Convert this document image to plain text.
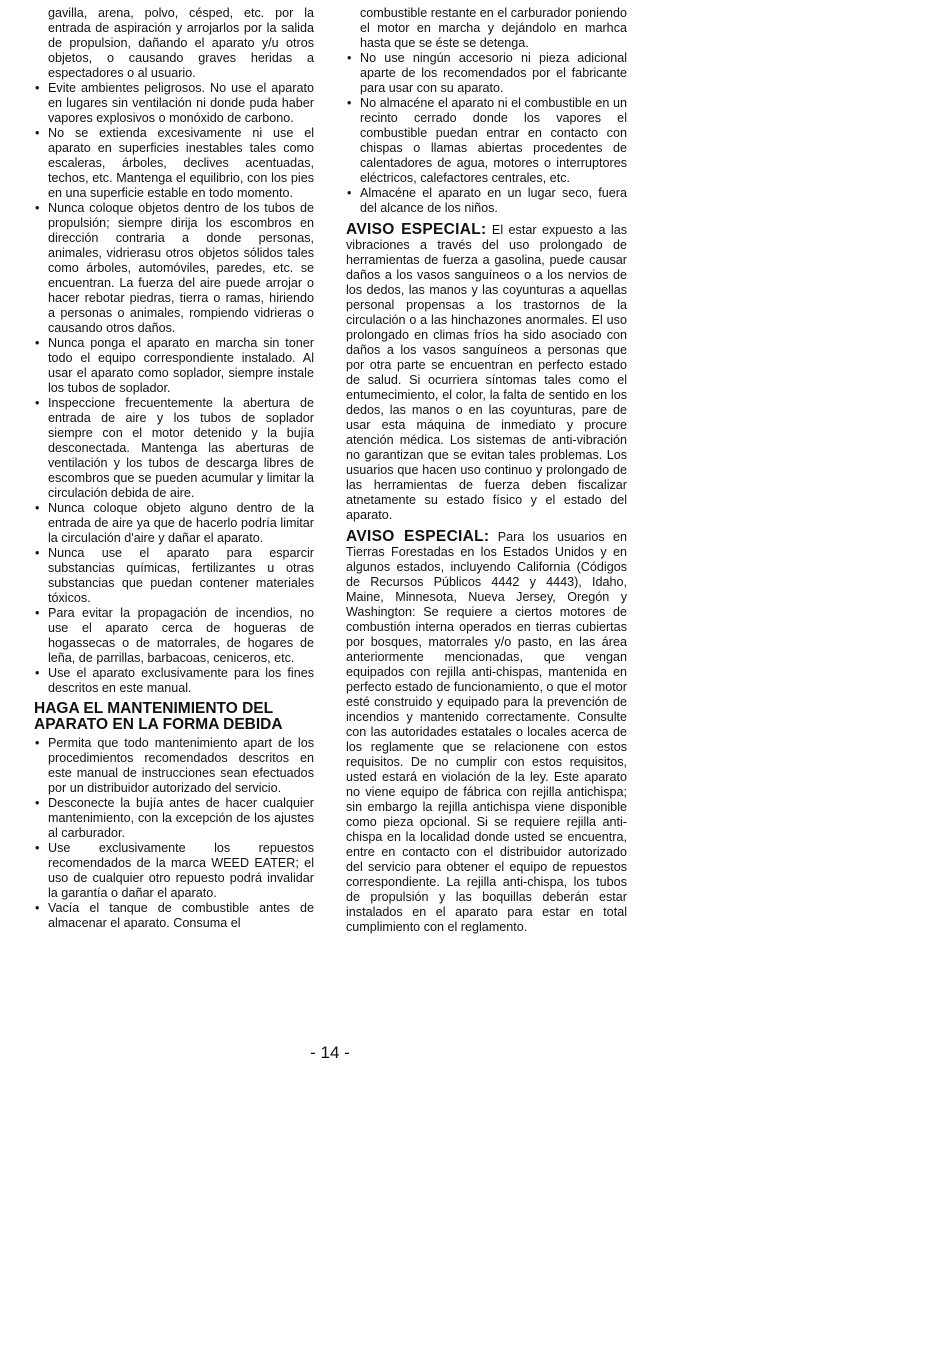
gavilla, arena, polvo, césped, etc. por la entrada de aspiración y arrojarlos por la salida de propulsion, dañando el aparato y/u otros objetos, o causando graves heridas a espectadores o al usuario.

• Evite ambientes peligrosos. No use el aparato en lugares sin ventilación ni donde puda haber vapores explosivos o monóxido de carbono.
• No se extienda excesivamente ni use el aparato en superficies inestables tales como escaleras, árboles, declives acentuadas, techos, etc. Mantenga el equilibrio, con los pies en una superficie estable en todo momento.
• Nunca coloque objetos dentro de los tubos de propulsión; siempre dirija los escombros en dirección contraria a donde personas, animales, vidrierasu otros objetos sólidos tales como árboles, automóviles, paredes, etc. se encuentran. La fuerza del aire puede arrojar o hacer rebotar piedras, tierra o ramas, hiriendo a personas o animales, rompiendo vidrieras o causando otros daños.
• Nunca ponga el aparato en marcha sin toner todo el equipo correspondiente instalado. Al usar el aparato como soplador, siempre instale los tubos de soplador.
• Inspeccione frecuentemente la abertura de entrada de aire y los tubos de soplador siempre con el motor detenido y la bujía desconectada. Mantenga las aberturas de ventilación y los tubos de descarga libres de escombros que se pueden acumular y limitar la circulación debida de aire.
• Nunca coloque objeto alguno dentro de la entrada de aire ya que de hacerlo podría limitar la circulación d'aire y dañar el aparato.
• Nunca use el aparato para esparcir substancias químicas, fertilizantes u otras substancias que puedan contener materiales tóxicos.
• Para evitar la propagación de incendios, no use el aparato cerca de hogueras de hogassecas o de matorrales, de hogares de leña, de parrillas, barbacoas, ceniceros, etc.
• Use el aparato exclusivamente para los fines descritos en este manual.
HAGA EL MANTENIMIENTO DEL APARATO EN LA FORMA DEBIDA
• Permita que todo mantenimiento apart de los procedimientos recomendados descritos en este manual de instrucciones sean efectuados por un distribuidor autorizado del servicio.
• Desconecte la bujía antes de hacer cualquier mantenimiento, con la excepción de los ajustes al carburador.
• Use exclusivamente los repuestos recomendados de la marca WEED EATER; el uso de cualquier otro repuesto podrá invalidar la garantía o dañar el aparato.
• Vacía el tanque de combustible antes de almacenar el aparato. Consuma el

combustible restante en el carburador poniendo el motor en marcha y dejándolo en marhca hasta que se éste se detenga.

• No use ningún accesorio ni pieza adicional aparte de los recomendados por el fabricante para usar con su aparato.
• No almacéne el aparato ni el combustible en un recinto cerrado donde los vapores el combustible puedan entrar en contacto con chispas o llamas abiertas procedentes de calentadores de agua, motores o interruptores eléctricos, calefactores centrales, etc.
• Almacéne el aparato en un lugar seco, fuera del alcance de los niños.

AVISO ESPECIAL: El estar expuesto a las vibraciones a través del uso prolongado de herramientas de fuerza a gasolina, puede causar daños a los vasos sanguíneos o a los nervios de los dedos, las manos y las coyunturas a aquellas personal propensas a los trastornos de la circulación o a las hinchazones anormales. El uso prolongado en climas fríos ha sido asociado con daños a los vasos sanguíneos a personas que por otra parte se encuentran en perfecto estado de salud. Si ocurriera síntomas tales como el entumecimiento, el color, la falta de sentido en los dedos, las manos o en las coyunturas, pare de usar esta máquina de inmediato y procure atención médica. Los sistemas de anti-vibración no garantizan que se evitan tales problemas. Los usuarios que hacen uso continuo y prolongado de las herramientas de fuerza deben fiscalizar atnetamente su estado físico y el estado del aparato.

AVISO ESPECIAL: Para los usuarios en Tierras Forestadas en los Estados Unidos y en algunos estados, incluyendo California (Códigos de Recursos Públicos 4442 y 4443), Idaho, Maine, Minnesota, Nueva Jersey, Oregón y Washington: Se requiere a ciertos motores de combustión interna operados en tierras cubiertas por bosques, matorrales y/o pasto, en las área anteriormente mencionadas, que vengan equipados con rejilla anti-chispas, mantenida en perfecto estado de funcionamiento, o que el motor esté construido y equipado para la prevención de incendios y mantenido correctamente. Consulte con las autoridades estatales o locales acerca de los reglamente que se relacionene con estos requisitos. De no cumplir con estos requisitos, usted estará en violación de la ley. Este aparato no viene equipo de fábrica con rejilla antichispa; sin embargo la rejilla antichispa viene disponible como pieza opcional. Si se requiere rejilla anti-chispa en la localidad donde usted se encuentra, entre en contacto con el distribuidor autorizado del servicio para obtener el equipo de repuestos correspondiente. La rejilla anti-chispa, los tubos de propulsión y las boquillas deberán estar instalados en el aparato para estar en total cumplimiento con el reglamento.

- 14 -
